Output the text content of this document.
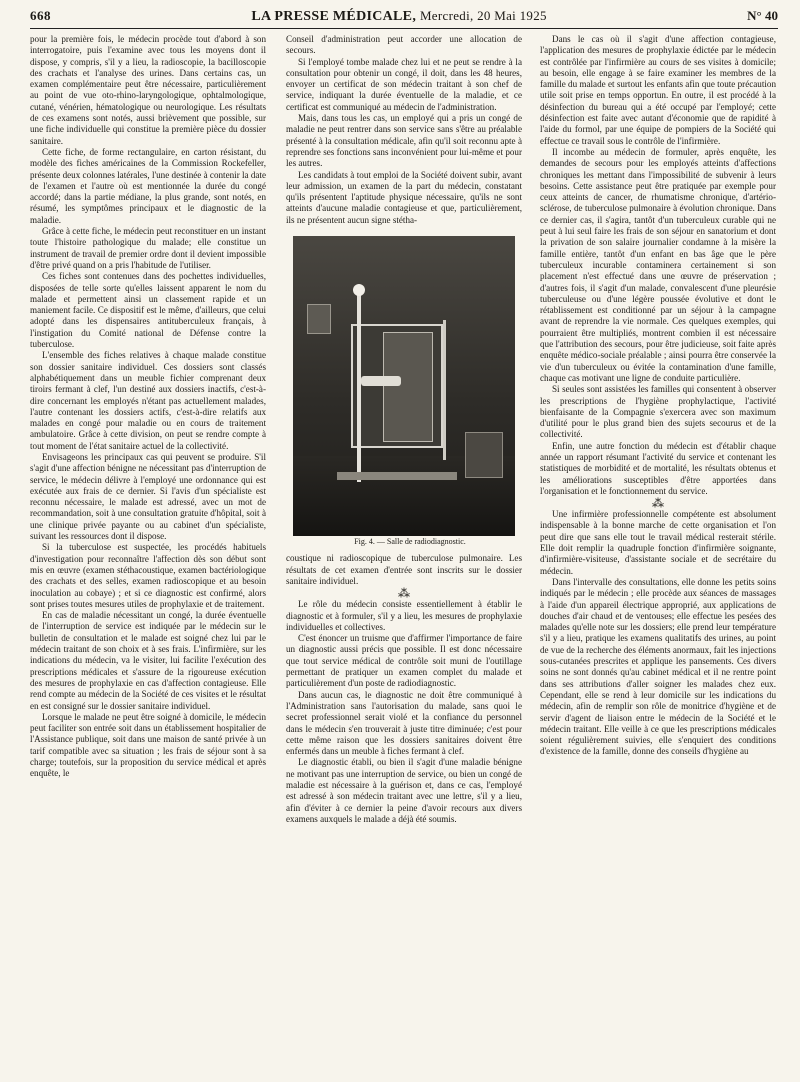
668	LA PRESSE MÉDICALE, Mercredi, 20 Mai 1925	N° 40

pour la première fois, le médecin procède tout d'abord à son interrogatoire, puis l'examine avec tous les moyens dont il dispose, y compris, s'il y a lieu, la radioscopie, la bacilloscopie des crachats et l'analyse des urines. Dans certains cas, un examen complémentaire peut être nécessaire, particulièrement au point de vue oto-rhino-laryngologique, ophtalmologique, cutané, vénérien, hématologique ou neurologique. Les résultats de ces examens sont notés, aussi brièvement que possible, sur une fiche individuelle qui constitue la première pièce du dossier sanitaire.

Cette fiche, de forme rectangulaire, en carton résistant, du modèle des fiches américaines de la Commission Rockefeller, présente deux colonnes latérales, l'une destinée à contenir la date de l'examen et l'autre où est mentionnée la durée du congé accordé; dans la partie médiane, la plus grande, sont notés, en résumé, les symptômes principaux et le diagnostic de la maladie.

Grâce à cette fiche, le médecin peut reconstituer en un instant toute l'histoire pathologique du malade; elle constitue un instrument de travail de premier ordre dont il devient impossible d'être privé quand on a pris l'habitude de l'utiliser.

Ces fiches sont contenues dans des pochettes individuelles, disposées de telle sorte qu'elles laissent apparent le nom du malade et permettent ainsi un classement rapide et un maniement facile. Ce dispositif est le même, d'ailleurs, que celui adopté dans les dispensaires antituberculeux français, à l'instigation du Comité national de Défense contre la tuberculose.

L'ensemble des fiches relatives à chaque malade constitue son dossier sanitaire individuel. Ces dossiers sont classés alphabétiquement dans un meuble fichier comprenant deux tiroirs fermant à clef, l'un destiné aux dossiers inactifs, c'est-à-dire concernant les employés n'étant pas actuellement malades, l'autre contenant les dossiers actifs, c'est-à-dire relatifs aux malades en congé pour maladie ou en cours de traitement ambulatoire. Grâce à cette division, on peut se rendre compte à tout moment de l'état sanitaire actuel de la collectivité.

Envisageons les principaux cas qui peuvent se produire. S'il s'agit d'une affection bénigne ne nécessitant pas d'interruption de service, le médecin délivre à l'employé une ordonnance qui est exécutée aux frais de ce dernier. Si l'avis d'un spécialiste est reconnu nécessaire, le malade est adressé, avec un mot de recommandation, soit à une consultation gratuite d'hôpital, soit à une clinique privée payante ou au cabinet d'un spécialiste, suivant les ressources dont il dispose.

Si la tuberculose est suspectée, les procédés habituels d'investigation pour reconnaître l'affection dès son début sont mis en œuvre (examen stéthacoustique, examen bactériologique des crachats et des selles, examen radioscopique et au besoin inoculation au cobaye) ; et si ce diagnostic est confirmé, alors sont prises toutes mesures utiles de prophylaxie et de traitement.

En cas de maladie nécessitant un congé, la durée éventuelle de l'interruption de service est indiquée par le médecin sur le bulletin de consultation et le malade est soigné chez lui par le médecin traitant de son choix et à ses frais. L'infirmière, sur les indications du médecin, va le visiter, lui facilite l'exécution des prescriptions médicales et s'assure de la rigoureuse exécution des mesures de prophylaxie en cas d'affection contagieuse. Elle rend compte au médecin de la Société de ces visites et le résultat en est consigné sur le dossier sanitaire individuel.

Lorsque le malade ne peut être soigné à domicile, le médecin peut faciliter son entrée soit dans un établissement hospitalier de l'Assistance publique, soit dans une maison de santé privée à un tarif compatible avec sa situation ; les frais de séjour sont à sa charge; toutefois, sur la proposition du service médical et après enquête, le

Conseil d'administration peut accorder une allocation de secours.

Si l'employé tombe malade chez lui et ne peut se rendre à la consultation pour obtenir un congé, il doit, dans les 48 heures, envoyer un certificat de son médecin traitant à son chef de service, indiquant la durée éventuelle de la maladie, et ce certificat est communiqué au médecin de l'administration.

Mais, dans tous les cas, un employé qui a pris un congé de maladie ne peut rentrer dans son service sans s'être au préalable présenté à la consultation médicale, afin qu'il soit reconnu apte à reprendre ses fonctions sans inconvénient pour lui-même et pour les autres.

Les candidats à tout emploi de la Société doivent subir, avant leur admission, un examen de la part du médecin, constatant qu'ils présentent l'aptitude physique nécessaire, qu'ils ne sont atteints d'aucune maladie contagieuse et que, particulièrement, ils ne présentent aucun signe stétha-

Fig. 4. — Salle de radiodiagnostic.

coustique ni radioscopique de tuberculose pulmonaire. Les résultats de cet examen d'entrée sont inscrits sur le dossier sanitaire individuel.

⁂

Le rôle du médecin consiste essentiellement à établir le diagnostic et à formuler, s'il y a lieu, les mesures de prophylaxie individuelles et collectives.

C'est énoncer un truisme que d'affirmer l'importance de faire un diagnostic aussi précis que possible. Il est donc nécessaire que tout service médical de contrôle soit muni de l'outillage permettant de pratiquer un examen complet du malade et particulièrement d'un poste de radiodiagnostic.

Dans aucun cas, le diagnostic ne doit être communiqué à l'Administration sans l'autorisation du malade, sans quoi le secret professionnel serait violé et la confiance du personnel dans le médecin s'en trouverait à juste titre diminuée; c'est pour cette même raison que les dossiers sanitaires doivent être enfermés dans un meuble à fiches fermant à clef.

Le diagnostic établi, ou bien il s'agit d'une maladie bénigne ne motivant pas une interruption de service, ou bien un congé de maladie est nécessaire à la guérison et, dans ce cas, l'employé est adressé à son médecin traitant avec une lettre, s'il y a lieu, afin d'éviter à ce dernier la peine d'avoir recours aux divers examens auxquels le malade a déjà été soumis.

Dans le cas où il s'agit d'une affection contagieuse, l'application des mesures de prophylaxie édictée par le médecin est contrôlée par l'infirmière au cours de ses visites à domicile; au besoin, elle engage à se faire examiner les membres de la famille du malade et surtout les enfants afin que toute précaution utile soit prise en temps opportun. En outre, il est procédé à la désinfection du bureau qui a été occupé par l'employé; cette désinfection est faite avec autant d'économie que de rapidité à l'aide du formol, par une équipe de pompiers de la Société qui effectue ce travail sous le contrôle de l'infirmière.

Il incombe au médecin de formuler, après enquête, les demandes de secours pour les employés atteints d'affections chroniques les mettant dans l'impossibilité de subvenir à leurs besoins. Cette assistance peut être pratiquée par exemple pour ceux atteints de cancer, de rhumatisme chronique, d'artério-sclérose, de tuberculose pulmonaire à évolution chronique. Dans ce dernier cas, il s'agira, tantôt d'un tuberculeux curable qui ne peut à lui seul faire les frais de son séjour en sanatorium et dont la privation de son salaire journalier condamne à la misère la famille entière, tantôt d'un enfant en bas âge que le père tuberculeux incurable contaminera certainement si son placement n'est effectué dans une œuvre de préservation ; d'autres fois, il s'agit d'un malade, convalescent d'une pleurésie tuberculeuse ou d'une légère poussée évolutive et dont le rétablissement est conditionné par un séjour à la campagne avant de reprendre la vie normale. Ces quelques exemples, qui pourraient être multipliés, montrent combien il est nécessaire que l'attribution des secours, pour être judicieuse, soit faite après enquête médico-sociale préalable ; ainsi pourra être conservée la vie d'un tuberculeux ou évitée la contamination d'une famille, chaque cas motivant une ligne de conduite particulière.

Si seules sont assistées les familles qui consentent à observer les prescriptions de l'hygiène prophylactique, l'activité bienfaisante de la Compagnie s'exercera avec son maximum d'utilité pour le plus grand bien des sujets secourus et de la collectivité.

Enfin, une autre fonction du médecin est d'établir chaque année un rapport résumant l'activité du service et contenant les statistiques de morbidité et de mortalité, les résultats obtenus et les améliorations susceptibles d'être apportées dans l'organisation et le fonctionnement du service.

⁂

Une infirmière professionnelle compétente est absolument indispensable à la bonne marche de cette organisation et l'on peut dire que sans elle tout le travail médical resterait stérile. Elle doit remplir la quadruple fonction d'infirmière soignante, d'infirmière-visiteuse, d'assistante sociale et de secrétaire du médecin.

Dans l'intervalle des consultations, elle donne les petits soins indiqués par le médecin ; elle procède aux séances de massages à l'aide d'un appareil électrique approprié, aux applications de douches d'air chaud et de ventouses; elle effectue les pesées des malades qu'elle note sur les dossiers; elle prend leur température s'il y a lieu, pratique les examens qualitatifs des urines, au point de vue de la recherche des éléments anormaux, fait les injections sous-cutanées prescrites et applique les pansements. Ces divers soins ne sont donnés qu'au cabinet médical et il ne rentre point dans ses attributions d'aller soigner les malades chez eux. Cependant, elle se rend à leur domicile sur les indications du médecin, afin de remplir son rôle de monitrice d'hygiène et de servir d'agent de liaison entre le médecin de la Société et le médecin traitant. Elle veille à ce que les prescriptions médicales soient régulièrement suivies, elle s'enquiert des conditions d'existence de la famille, donne des conseils d'hygiène au
